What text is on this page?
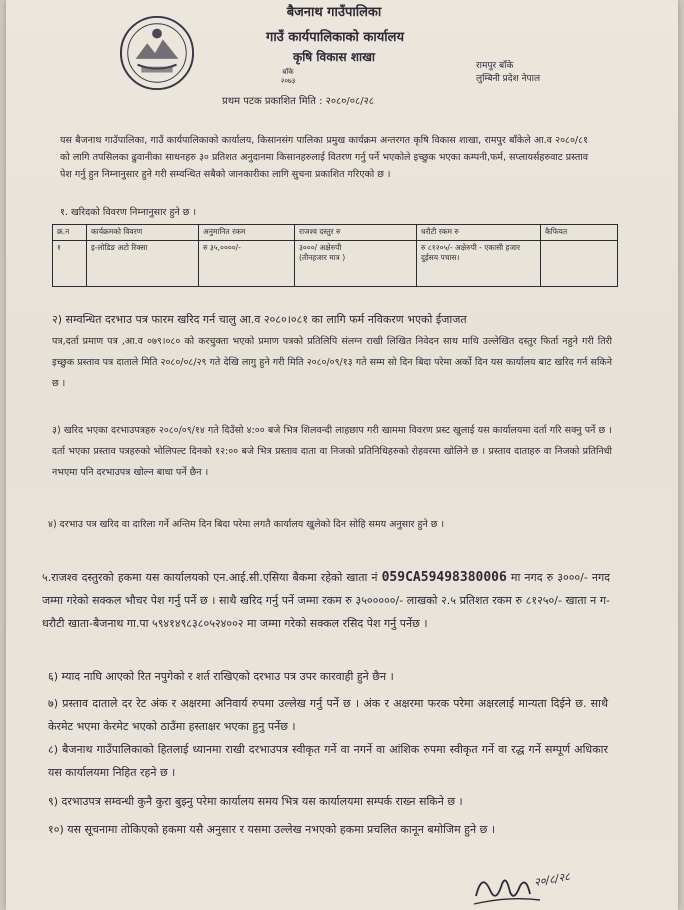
बैजनाथ गाउँपालिका
गाउँ कार्यपालिकाको कार्यालय
कृषि विकास शाखा
बाँके
२०७३
रामपुर बाँके
लुम्बिनी प्रदेश नेपाल
प्रथम पटक प्रकाशित मिति : २०८०/०८/२८
यस बैजनाथ गाउँपालिका, गाउँ कार्यपालिकाको कार्यालय, किसानसंग पालिका प्रमुख कार्यक्रम अन्तरगत कृषि विकास शाखा, रामपुर बाँकेले आ.व २०८०/८१ को लागि तपसिलका ढुवानीका साधनहरु ३० प्रतिशत अनुदानमा किसानहरुलाई वितरण गर्नु पर्ने भएकोले इच्छुक भएका कम्पनी,फर्म, सप्लायर्सहरुवाट प्रस्ताव पेश गर्नु हुन निम्नानुसार हुने गरी सम्वन्धित सबैको जानकारीका लागि सुचना प्रकाशित गरिएको छ ।
१. खरिदको विवरण निम्नानुसार हुने छ ।
क्र.न	कार्यक्रमको विवरण	अनुमानित रकम	राजश्व दस्तुर रु	धरौटी रकम रु	कैफियत
१	इ-लोडिङ अटो रिक्सा	रु ३५,००००/-	३०००/ अक्षेरुपी
(तीनहजार मात्र )	रु ८१२०५/- अक्षेरुपी - एकासी हजार दुईसय पचास।	
२) सम्वन्धित दरभाउ पत्र फारम खरिद गर्न चालु आ.व २०८०।०८१ का लागि फर्म नविकरण भएको ईजाजत
पत्र,दर्ता प्रमाण पत्र ,आ.व ०७९।०८० को करचुक्ता भएको प्रमाण पत्रको प्रतिलिपि संलग्न राखी लिखित निवेदन साथ माथि उल्लेखित दस्तुर फिर्ता नहुने गरी तिरी इच्छुक प्रस्ताव पत्र दाताले मिति २०८०/०८/२९ गते देखि लागु हुने गरी मिति २०८०/०९/१३ गते सम्म सो दिन बिदा परेमा अर्को दिन यस कार्यालय बाट खरिद गर्न सकिने छ ।
३) खरिद भएका दरभाउपत्रहरु २०८०/०९/१४ गते दिउँसो ४:०० बजे भित्र शिलवन्दी लाहछाप गरी खाममा विवरण प्रस्ट खुलाई यस कार्यालयमा दर्ता गरि सक्नु पर्ने छ । दर्ता भएका प्रस्ताव पत्रहरुको भोलिपल्ट दिनको १२:०० बजे भित्र प्रस्ताव दाता वा निजको प्रतिनिधिहरुको रोहवरमा खोलिने छ । प्रस्ताव दाताहरु वा निजको प्रतिनिधी नभएमा पनि दरभाउपत्र खोल्न बाधा पर्ने छैन ।
४) दरभाउ पत्र खरिद वा दारिला गर्ने अन्तिम दिन बिदा परेमा लगतै कार्यालय खुलेको दिन सोहि समय अनुसार हुने छ ।
५.राजश्व दस्तुरको हकमा यस कार्यालयको एन.आई.सी.एसिया बैकमा रहेको खाता नं 059CA59498380006 मा नगद रु ३०००/- नगद जम्मा गरेको सक्कल भौचर पेश गर्नु पर्ने छ । साथै खरिद गर्नु पर्ने जम्मा रकम रु ३५०००००/- लाखको २.५ प्रतिशत रकम रु ८१२५०/- खाता न ग-धरौटी खाता-बैजनाथ गा.पा ५९४१४९८३८०५२४००२ मा जम्मा गरेको सक्कल रसिद पेश गर्नु पर्नेछ ।
६) म्याद नाघि आएको रित नपुगेको र शर्त राखिएको दरभाउ पत्र उपर कारवाही हुने छैन ।
७) प्रस्ताव दाताले दर रेट अंक र अक्षरमा अनिवार्य रुपमा उल्लेख गर्नु पर्ने छ । अंक र अक्षरमा फरक परेमा अक्षरलाई मान्यता दिईने छ. साथै केरमेट भएमा केरमेट भएको ठाउँमा हस्ताक्षर भएका हुनु पर्नेछ ।
८) बैजनाथ गाउँपालिकाको हितलाई ध्यानमा राखी दरभाउपत्र स्वीकृत गर्ने वा नगर्ने वा आंशिक रुपमा स्वीकृत गर्ने वा रद्ध गर्ने सम्पूर्ण अधिकार यस कार्यालयमा निहित रहने छ ।
९) दरभाउपत्र सम्वन्धी कुनै कुरा बुझ्नु परेमा कार्यालय समय भित्र यस कार्यालयमा सम्पर्क राख्न सकिने छ ।
१०) यस सूचनामा तोकिएको हकमा यसै अनुसार र यसमा उल्लेख नभएको हकमा प्रचलित कानून बमोजिम हुने छ ।
२०/८/२८
